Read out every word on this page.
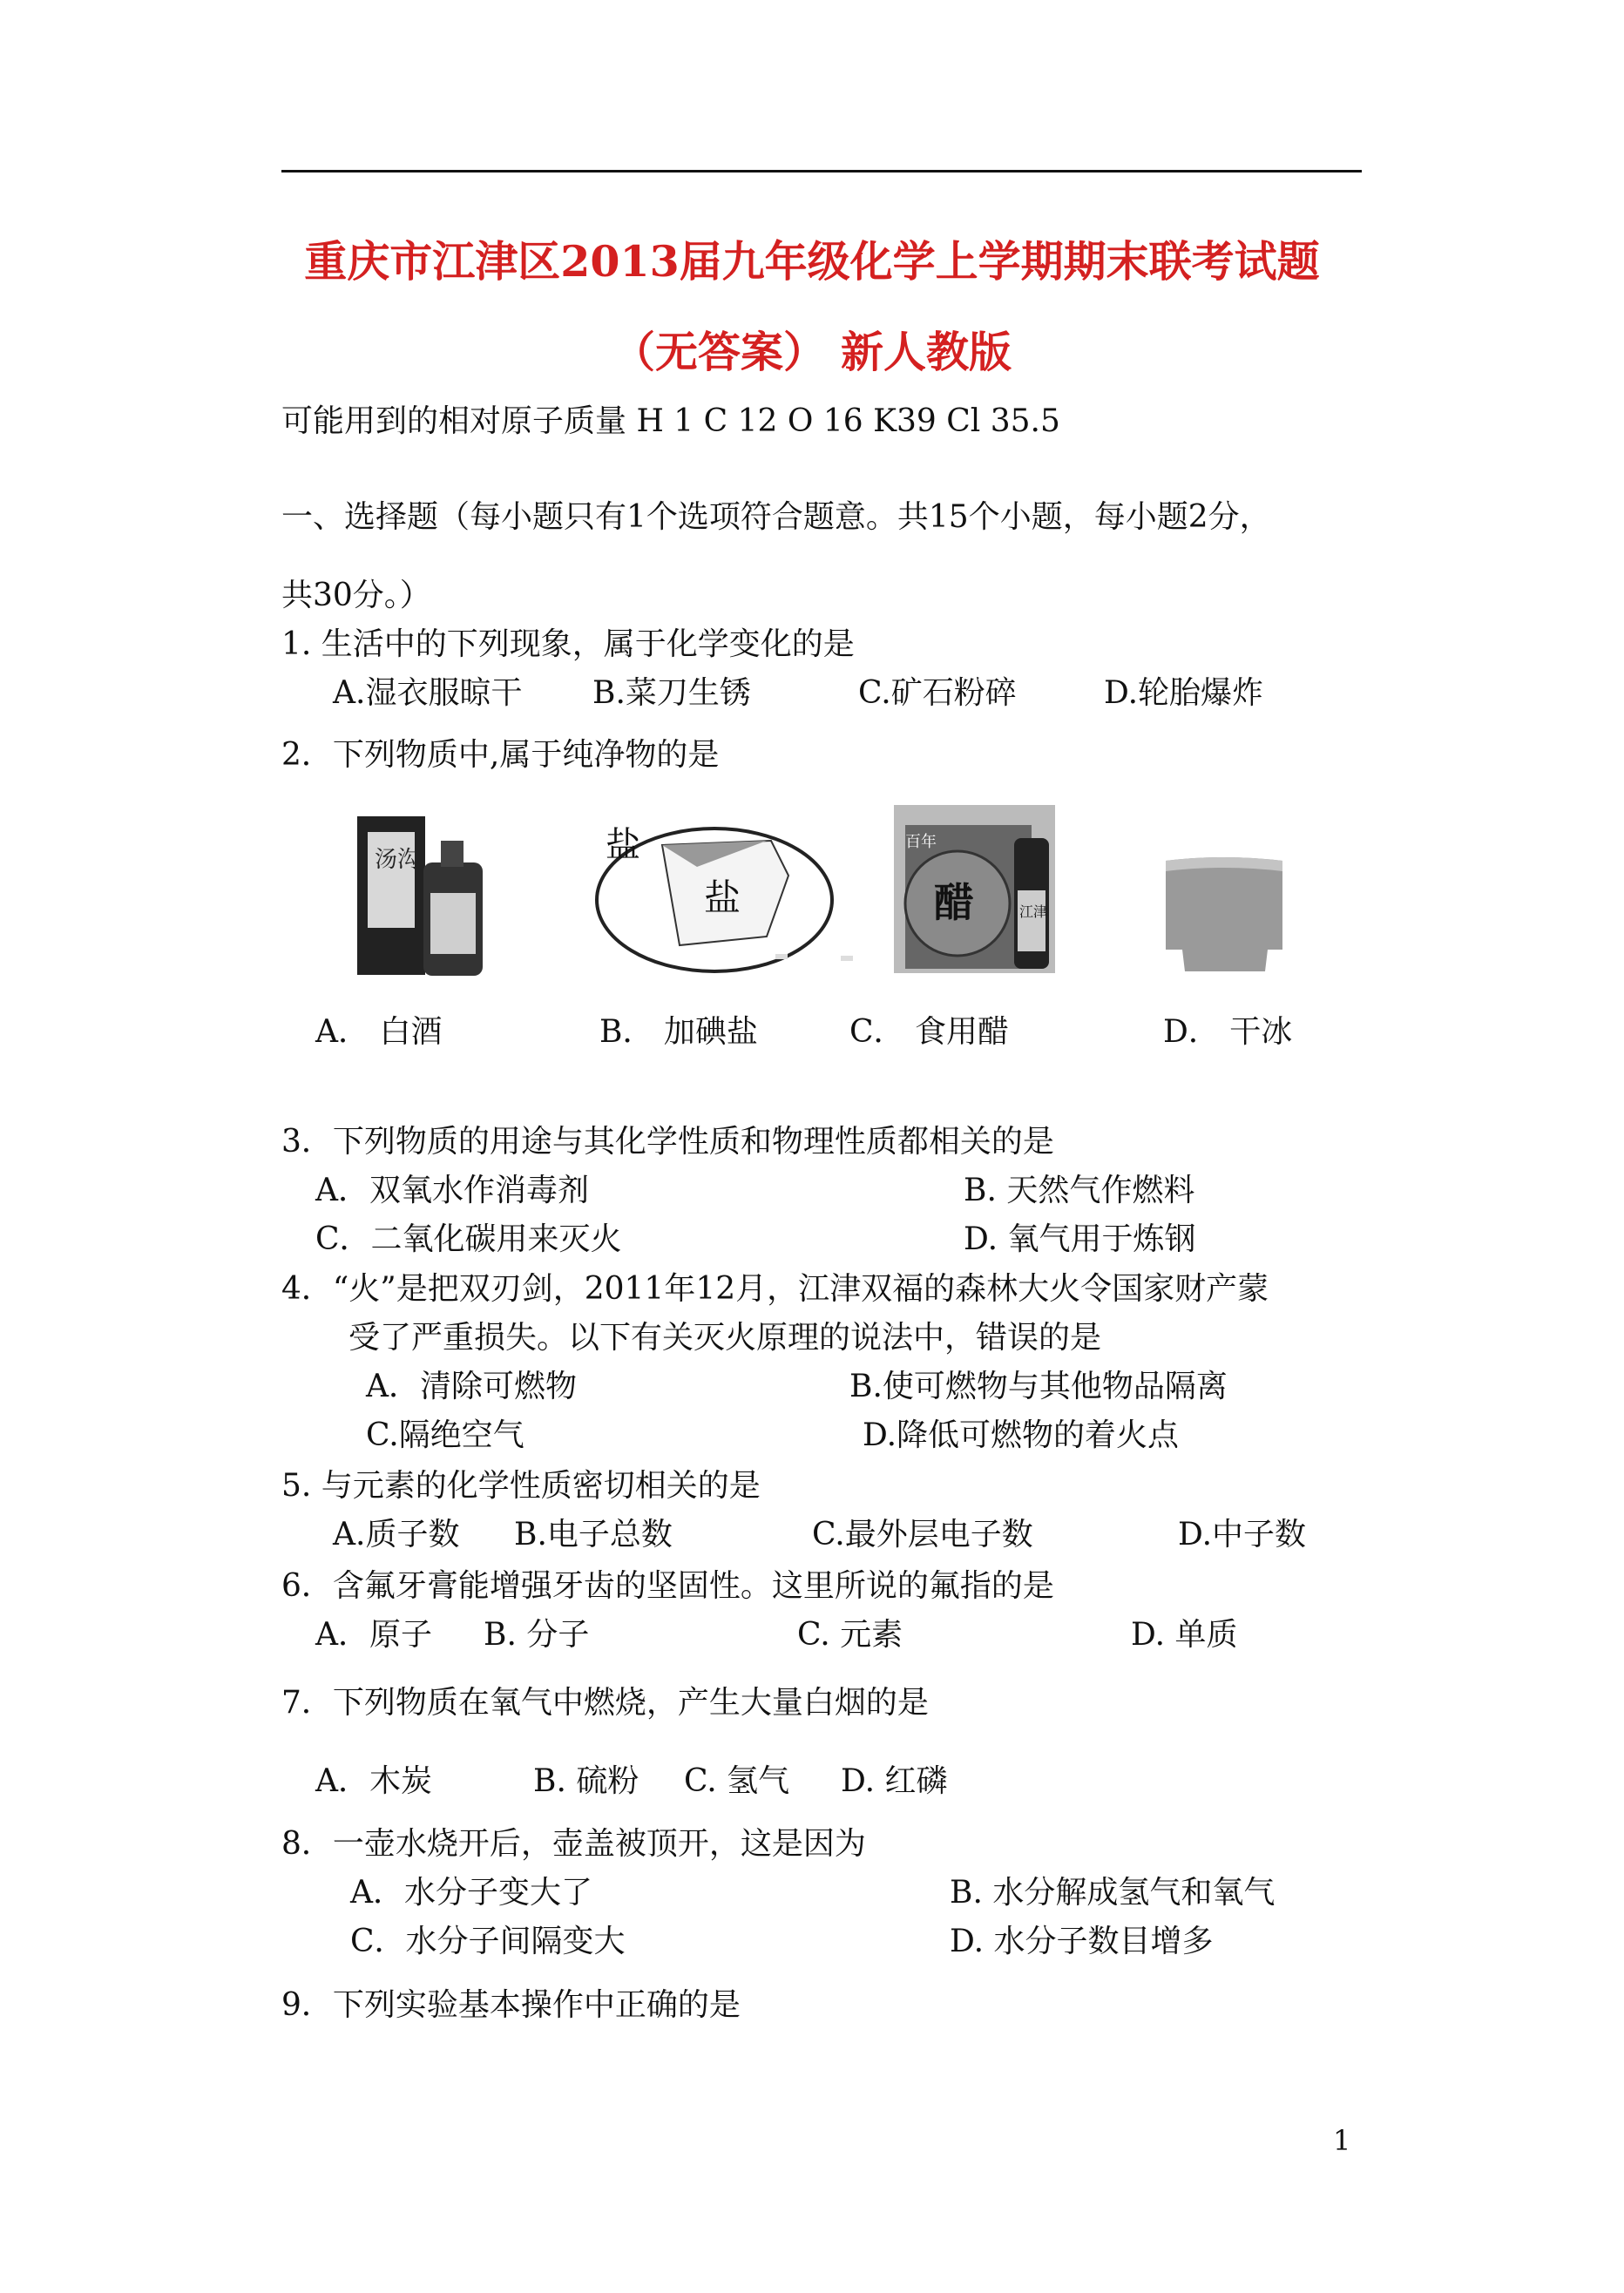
重庆市江津区2013届九年级化学上学期期末联考试题
（无答案） 新人教版
可能用到的相对原子质量 H 1 C 12 O 16 K39 Cl 35.5
一、选择题（每小题只有1个选项符合题意。共15个小题，每小题2分，
共30分。）
1. 生活中的下列现象，属于化学变化的是
A.湿衣服晾干 B.菜刀生锈	C.矿石粉碎	D.轮胎爆炸
2．下列物质中,属于纯净物的是
汤沟	盐
盐
百年
醋	江津
A． 白酒	B． 加碘盐	C． 食用醋	D． 干冰
3．下列物质的用途与其化学性质和物理性质都相关的是
A．双氧水作消毒剂	B. 天然气作燃料
C．二氧化碳用来灭火	D. 氧气用于炼钢
4．“火”是把双刃剑，2011年12月，江津双福的森林大火令国家财产蒙
受了严重损失。以下有关灭火原理的说法中，错误的是
A．清除可燃物	B.使可燃物与其他物品隔离
C.隔绝空气	D.降低可燃物的着火点
5. 与元素的化学性质密切相关的是
A.质子数 B.电子总数	C.最外层电子数	D.中子数
6．含氟牙膏能增强牙齿的坚固性。这里所说的氟指的是
A．原子 B. 分子	C. 元素	D. 单质
7．下列物质在氧气中燃烧，产生大量白烟的是
A．木炭	B. 硫粉 C. 氢气 D. 红磷
8．一壶水烧开后，壶盖被顶开，这是因为
A．水分子变大了	B. 水分解成氢气和氧气
C．水分子间隔变大	D. 水分子数目增多
9．下列实验基本操作中正确的是
1
